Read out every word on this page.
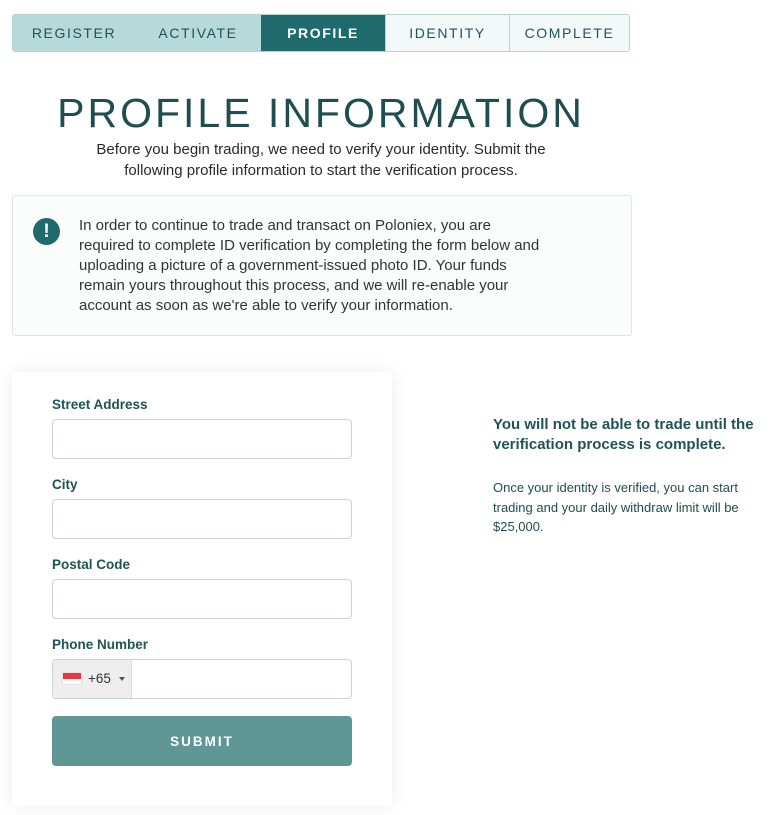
REGISTER	ACTIVATE	PROFILE	IDENTITY	COMPLETE
PROFILE INFORMATION

Before you begin trading, we need to verify your identity. Submit the
following profile information to start the verification process.

!	In order to continue to trade and transact on Poloniex, you are
required to complete ID verification by completing the form below and
uploading a picture of a government-issued photo ID. Your funds
remain yours throughout this process, and we will re-enable your
account as soon as we're able to verify your information.

Street Address
City
Postal Code
Phone Number
+65
SUBMIT

You will not be able to trade until the
verification process is complete.

Once your identity is verified, you can start
trading and your daily withdraw limit will be
$25,000.
